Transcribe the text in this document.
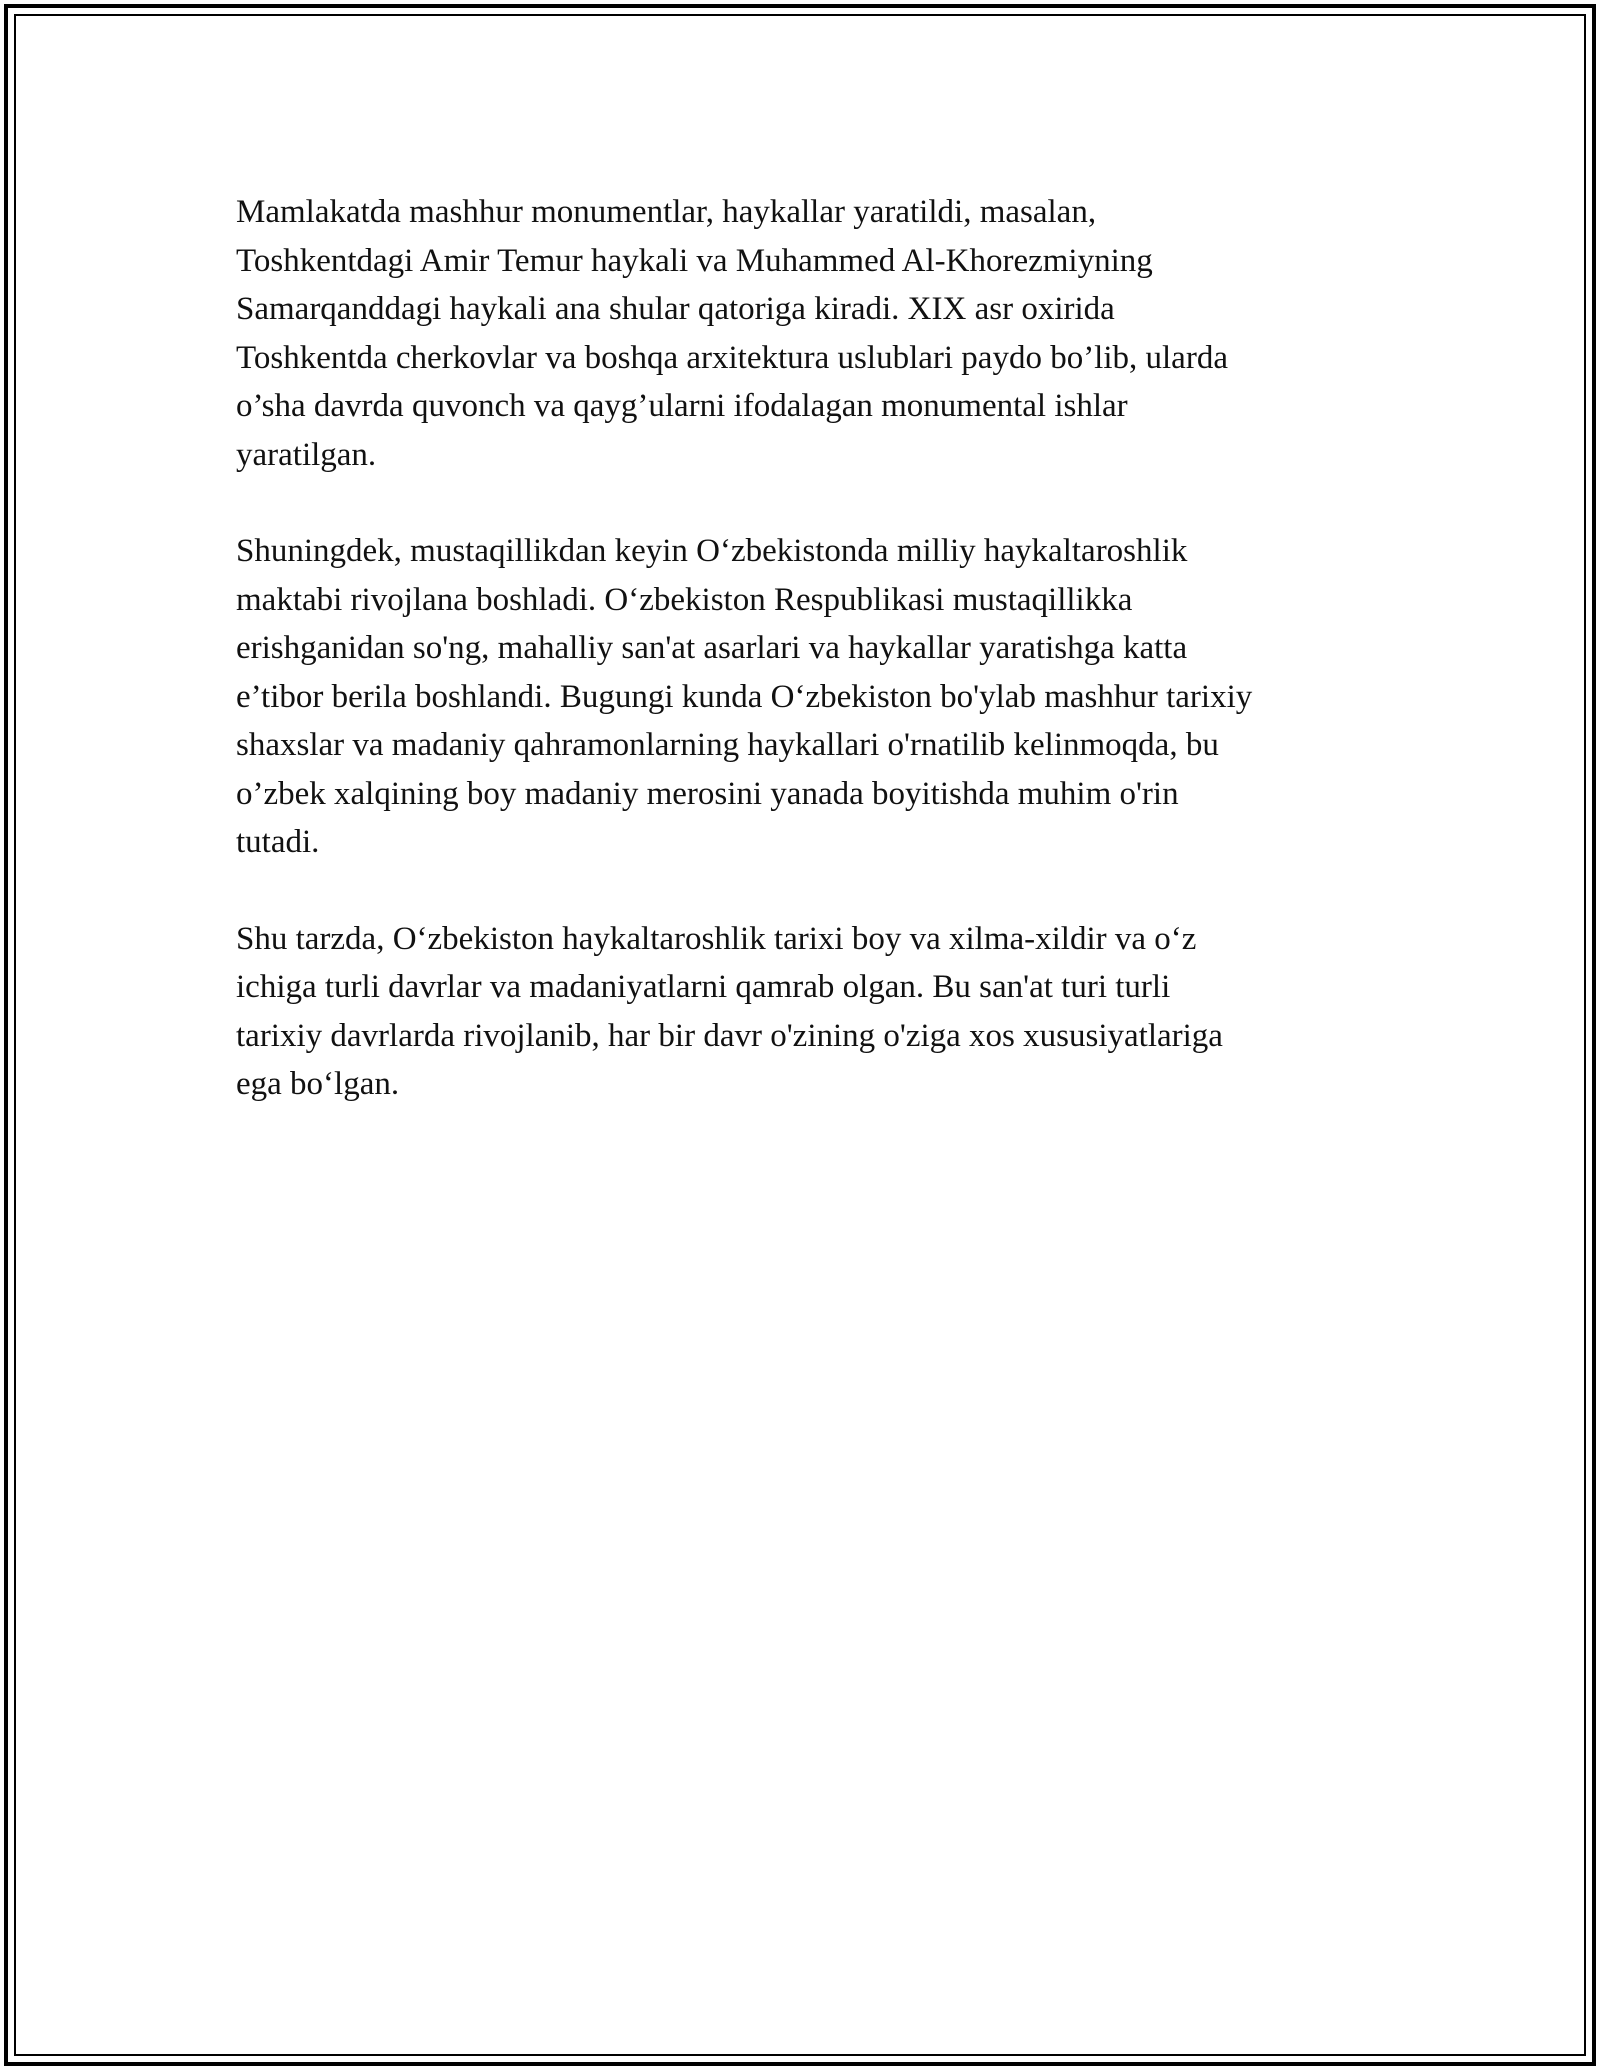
Mamlakatda mashhur monumentlar, haykallar yaratildi, masalan,
Toshkentdagi Amir Temur haykali va Muhammed Al-Khorezmiyning
Samarqanddagi haykali ana shular qatoriga kiradi. XIX asr oxirida
Toshkentda cherkovlar va boshqa arxitektura uslublari paydo bo’lib, ularda
o’sha davrda quvonch va qayg’ularni ifodalagan monumental ishlar
yaratilgan.

Shuningdek, mustaqillikdan keyin O‘zbekistonda milliy haykaltaroshlik
maktabi rivojlana boshladi. O‘zbekiston Respublikasi mustaqillikka
erishganidan so'ng, mahalliy san'at asarlari va haykallar yaratishga katta
e’tibor berila boshlandi. Bugungi kunda O‘zbekiston bo'ylab mashhur tarixiy
shaxslar va madaniy qahramonlarning haykallari o'rnatilib kelinmoqda, bu
o’zbek xalqining boy madaniy merosini yanada boyitishda muhim o'rin
tutadi.

Shu tarzda, O‘zbekiston haykaltaroshlik tarixi boy va xilma-xildir va o‘z
ichiga turli davrlar va madaniyatlarni qamrab olgan. Bu san'at turi turli
tarixiy davrlarda rivojlanib, har bir davr o'zining o'ziga xos xususiyatlariga
ega bo‘lgan.
